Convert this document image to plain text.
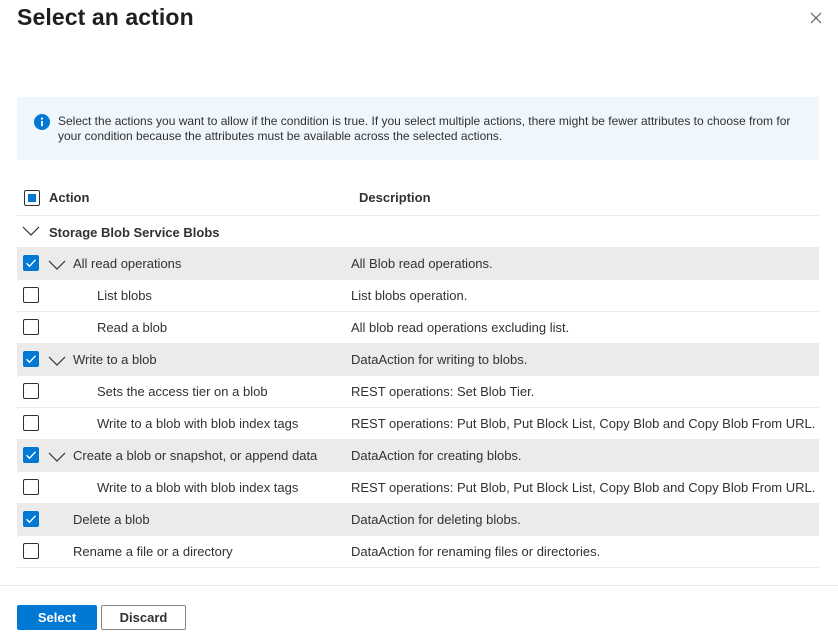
Select an action
Select the actions you want to allow if the condition is true. If you select multiple actions, there might be fewer attributes to choose from for your condition because the attributes must be available across the selected actions.
Action	Description
Storage Blob Service Blobs
All read operations	All Blob read operations.
List blobs	List blobs operation.
Read a blob	All blob read operations excluding list.
Write to a blob	DataAction for writing to blobs.
Sets the access tier on a blob	REST operations: Set Blob Tier.
Write to a blob with blob index tags	REST operations: Put Blob, Put Block List, Copy Blob and Copy Blob From URL.
Create a blob or snapshot, or append data	DataAction for creating blobs.
Write to a blob with blob index tags	REST operations: Put Blob, Put Block List, Copy Blob and Copy Blob From URL.
Delete a blob	DataAction for deleting blobs.
Rename a file or a directory	DataAction for renaming files or directories.
Select	Discard
